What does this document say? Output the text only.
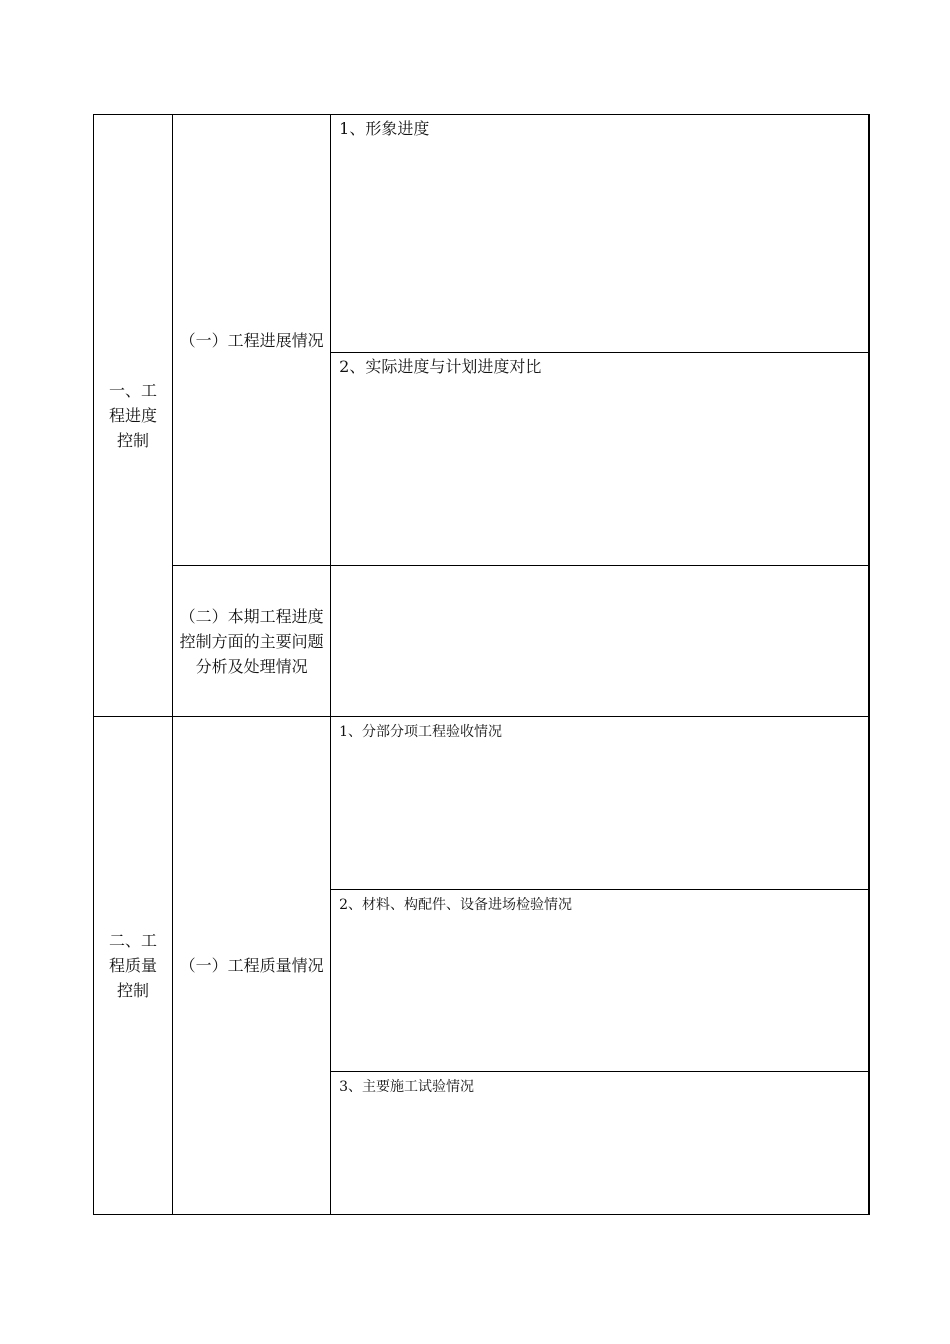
一、工程进度控制	（一）工程进展情况	1、形象进度

		2、实际进度与计划进度对比

	（二）本期工程进度控制方面的主要问题分析及处理情况	

二、工程质量控制	（一）工程质量情况	1、分部分项工程验收情况

		2、材料、构配件、设备进场检验情况

		3、主要施工试验情况
